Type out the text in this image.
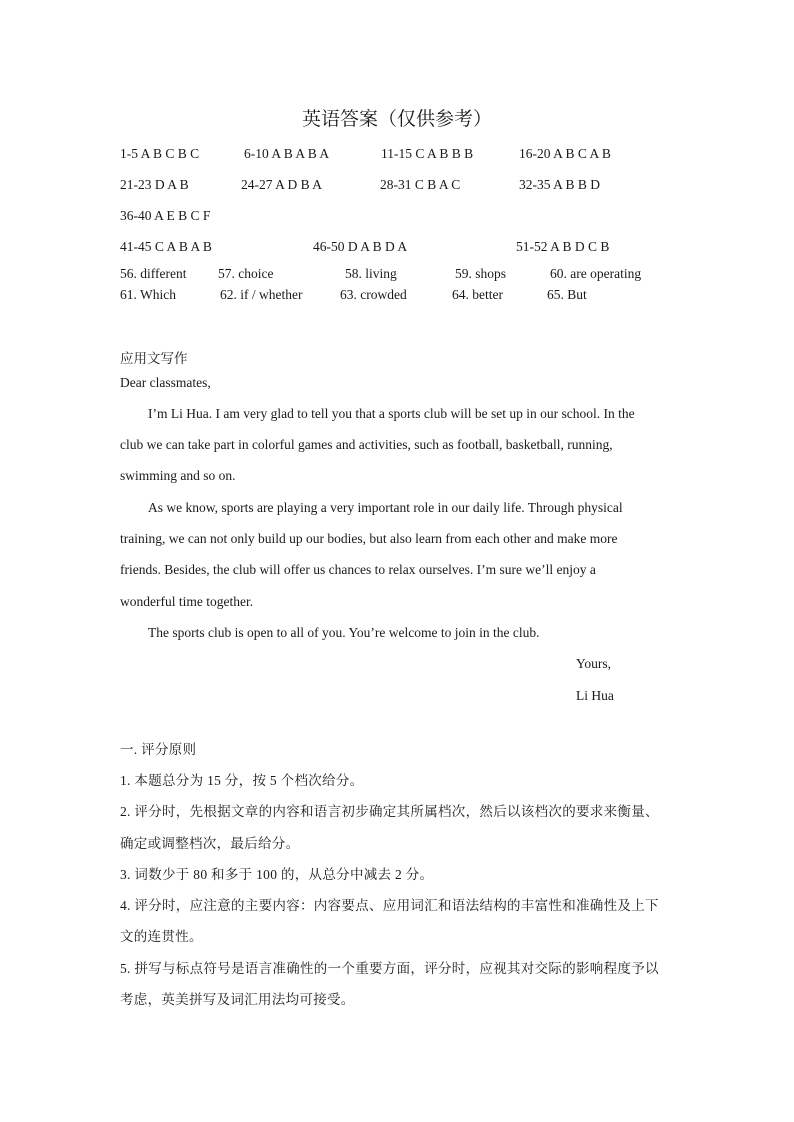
英语答案（仅供参考）
1-5 A B C B C	6-10 A B A B A	11-15 C A B B B	16-20 A B C A B
21-23 D A B	24-27 A D B A	28-31 C B A C	32-35 A B B D
36-40 A E B C F
41-45 C A B A B	46-50 D A B D A	51-52 A B D C B
56. different 57. choice	58. living	59. shops	60. are operating
61. Which	62. if / whether	63. crowded	64. better	65. But
应用文写作
Dear classmates,
I’m Li Hua. I am very glad to tell you that a sports club will be set up in our school. In the
club we can take part in colorful games and activities, such as football, basketball, running,
swimming and so on.
As we know, sports are playing a very important role in our daily life. Through physical
training, we can not only build up our bodies, but also learn from each other and make more
friends. Besides, the club will offer us chances to relax ourselves. I’m sure we’ll enjoy a
wonderful time together.
The sports club is open to all of you. You’re welcome to join in the club.
Yours,
Li Hua
一. 评分原则
1. 本题总分为 15 分，按 5 个档次给分。
2. 评分时，先根据文章的内容和语言初步确定其所属档次，然后以该档次的要求来衡量、
确定或调整档次，最后给分。
3. 词数少于 80 和多于 100 的，从总分中减去 2 分。
4. 评分时，应注意的主要内容：内容要点、应用词汇和语法结构的丰富性和准确性及上下
文的连贯性。
5. 拼写与标点符号是语言准确性的一个重要方面，评分时，应视其对交际的影响程度予以
考虑，英美拼写及词汇用法均可接受。
